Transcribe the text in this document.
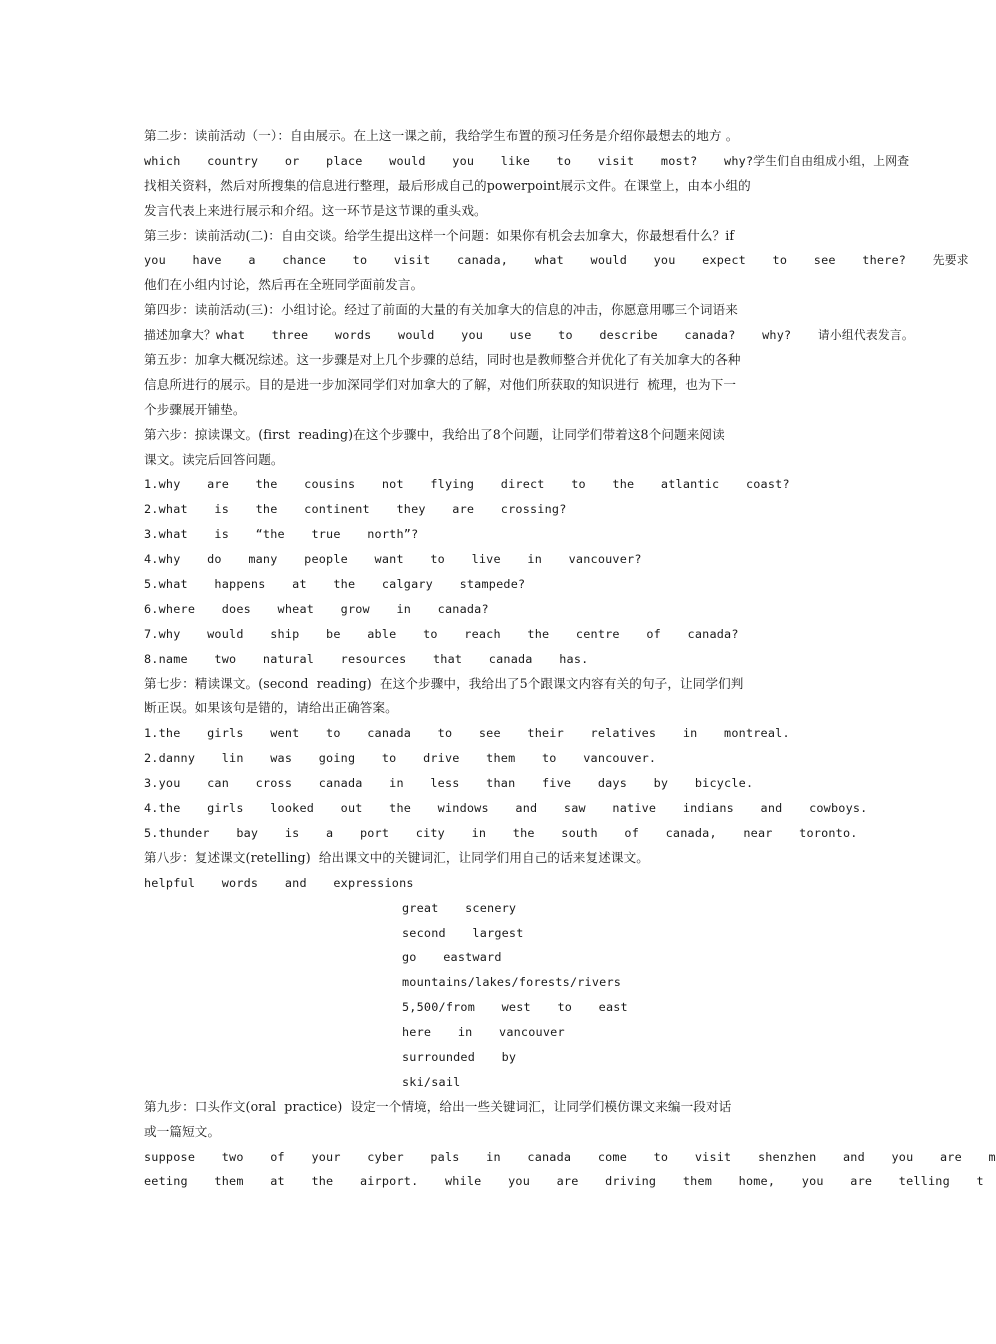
第二步：读前活动（一）：自由展示。在上这一课之前，我给学生布置的预习任务是介绍你最想去的地方 。
which  country  or  place  would  you  like  to  visit  most?  why?学生们自由组成小组，上网查
找相关资料，然后对所搜集的信息进行整理，最后形成自己的powerpoint展示文件。在课堂上，由本小组的
发言代表上来进行展示和介绍。这一环节是这节课的重头戏。
第三步：读前活动(二)：自由交谈。给学生提出这样一个问题：如果你有机会去加拿大，你最想看什么？if
you  have  a  chance  to  visit  canada,  what  would  you  expect  to  see  there?  先要求
他们在小组内讨论，然后再在全班同学面前发言。
第四步：读前活动(三)：小组讨论。经过了前面的大量的有关加拿大的信息的冲击，你愿意用哪三个词语来
描述加拿大？what  three  words  would  you  use  to  describe  canada?  why?  请小组代表发言。
第五步：加拿大概况综述。这一步骤是对上几个步骤的总结，同时也是教师整合并优化了有关加拿大的各种
信息所进行的展示。目的是进一步加深同学们对加拿大的了解，对他们所获取的知识进行  梳理，也为下一
个步骤展开铺垫。
第六步：掠读课文。(first  reading)在这个步骤中，我给出了8个问题，让同学们带着这8个问题来阅读
课文。读完后回答问题。
1.why  are  the  cousins  not  flying  direct  to  the  atlantic  coast?
2.what  is  the  continent  they  are  crossing?
3.what  is  “the  true  north”?
4.why  do  many  people  want  to  live  in  vancouver?
5.what  happens  at  the  calgary  stampede?
6.where  does  wheat  grow  in  canada?
7.why  would  ship  be  able  to  reach  the  centre  of  canada?
8.name  two  natural  resources  that  canada  has.
第七步：精读课文。(second  reading)  在这个步骤中，我给出了5个跟课文内容有关的句子，让同学们判
断正误。如果该句是错的，请给出正确答案。
1.the  girls  went  to  canada  to  see  their  relatives  in  montreal.
2.danny  lin  was  going  to  drive  them  to  vancouver.
3.you  can  cross  canada  in  less  than  five  days  by  bicycle.
4.the  girls  looked  out  the  windows  and  saw  native  indians  and  cowboys.
5.thunder  bay  is  a  port  city  in  the  south  of  canada,  near  toronto.
第八步：复述课文(retelling)  给出课文中的关键词汇，让同学们用自己的话来复述课文。
helpful  words  and  expressions
great  scenery
second  largest
go  eastward
mountains/lakes/forests/rivers
5,500/from  west  to  east
here  in  vancouver
surrounded  by
ski/sail
第九步：口头作文(oral  practice)  设定一个情境，给出一些关键词汇，让同学们模仿课文来编一段对话
或一篇短文。
suppose  two  of  your  cyber  pals  in  canada  come  to  visit  shenzhen  and  you  are  m
eeting  them  at  the  airport.  while  you  are  driving  them  home,  you  are  telling  t
